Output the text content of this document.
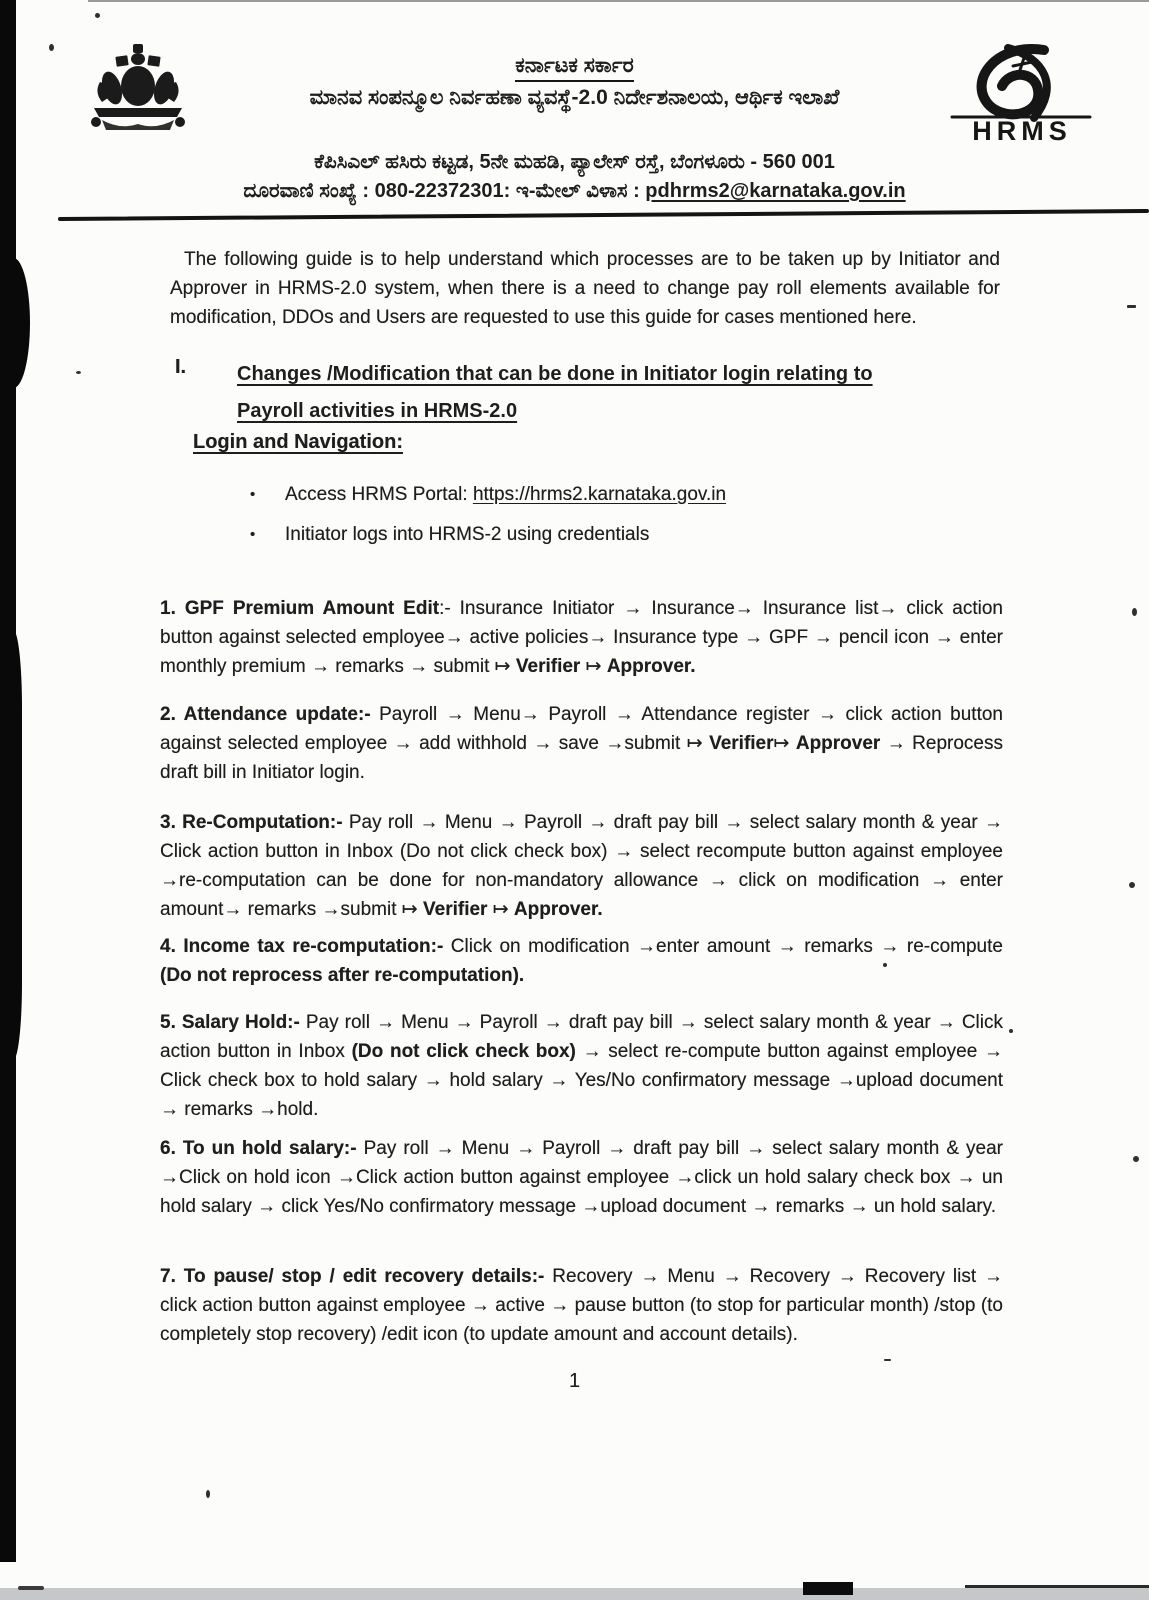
HRMS
ಕರ್ನಾಟಕ ಸರ್ಕಾರ
ಮಾನವ ಸಂಪನ್ಮೂಲ ನಿರ್ವಹಣಾ ವ್ಯವಸ್ಥೆ-2.0 ನಿರ್ದೇಶನಾಲಯ, ಆರ್ಥಿಕ ಇಲಾಖೆ
ಕೆಪಿಸಿಎಲ್ ಹಸಿರು ಕಟ್ಟಡ, 5ನೇ ಮಹಡಿ, ಪ್ಯಾಲೇಸ್ ರಸ್ತೆ, ಬೆಂಗಳೂರು - 560 001
ದೂರವಾಣಿ ಸಂಖ್ಯೆ : 080-22372301: ಇ-ಮೇಲ್ ವಿಳಾಸ : pdhrms2@karnataka.gov.in

The following guide is to help understand which processes are to be taken up by Initiator and Approver in HRMS-2.0 system, when there is a need to change pay roll elements available for modification, DDOs and Users are requested to use this guide for cases mentioned here.

I.	Changes /Modification that can be done in Initiator login relating to
Payroll activities in HRMS-2.0
Login and Navigation:
•	Access HRMS Portal: https://hrms2.karnataka.gov.in
•	Initiator logs into HRMS-2 using credentials

1. GPF Premium Amount Edit:- Insurance Initiator → Insurance→ Insurance list→ click action button against selected employee→ active policies→ Insurance type → GPF → pencil icon → enter monthly premium → remarks → submit ↦ Verifier ↦ Approver.

2. Attendance update:- Payroll → Menu→ Payroll → Attendance register → click action button against selected employee → add withhold → save →submit ↦ Verifier↦ Approver → Reprocess draft bill in Initiator login.

3. Re-Computation:- Pay roll → Menu → Payroll → draft pay bill → select salary month & year → Click action button in Inbox (Do not click check box) → select recompute button against employee →re-computation can be done for non-mandatory allowance → click on modification → enter amount→ remarks →submit ↦ Verifier ↦ Approver.

4. Income tax re-computation:- Click on modification →enter amount → remarks → re-compute (Do not reprocess after re-computation).

5. Salary Hold:- Pay roll → Menu → Payroll → draft pay bill → select salary month & year → Click action button in Inbox (Do not click check box) → select re-compute button against employee → Click check box to hold salary → hold salary → Yes/No confirmatory message →upload document → remarks →hold.

6. To un hold salary:- Pay roll → Menu → Payroll → draft pay bill → select salary month & year →Click on hold icon →Click action button against employee →click un hold salary check box → un hold salary → click Yes/No confirmatory message →upload document → remarks → un hold salary.

7. To pause/ stop / edit recovery details:- Recovery → Menu → Recovery → Recovery list → click action button against employee → active → pause button (to stop for particular month) /stop (to completely stop recovery) /edit icon (to update amount and account details).

1
